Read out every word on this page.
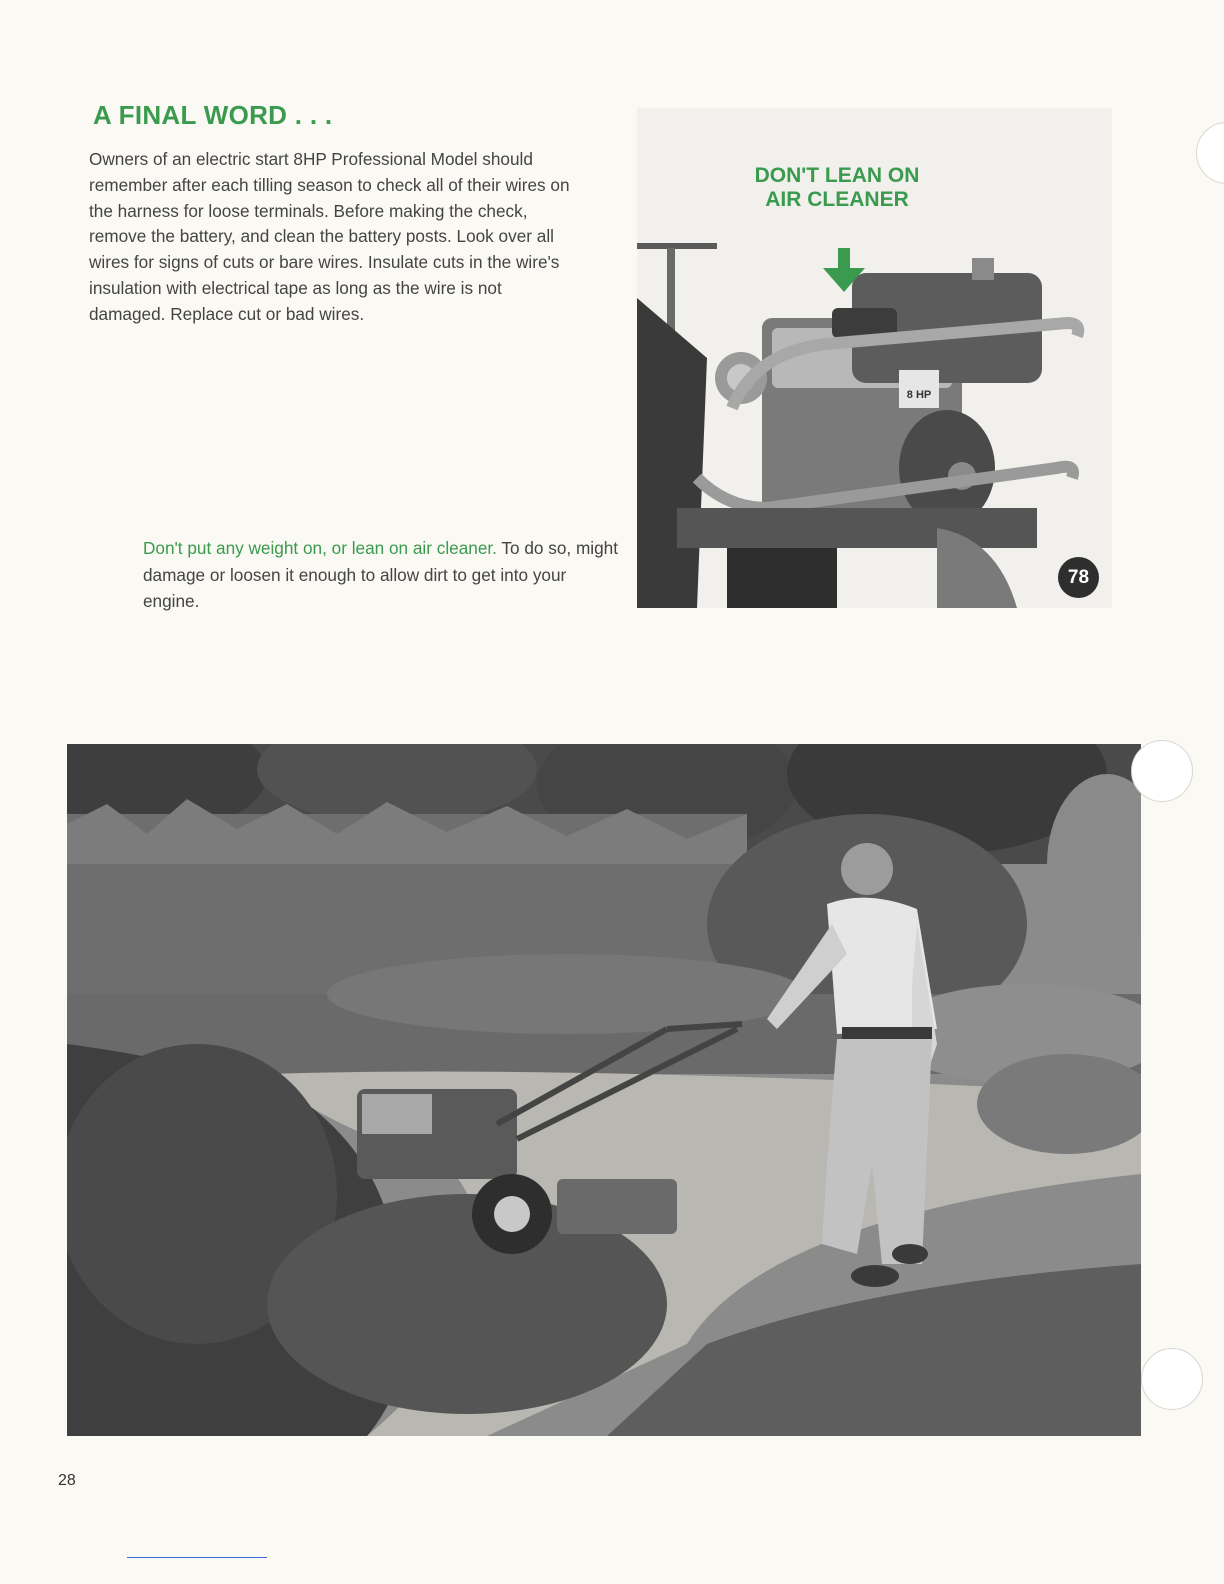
A FINAL WORD . . .

Owners of an electric start 8HP Professional Model should remember after each tilling season to check all of their wires on the harness for loose terminals. Before making the check, remove the battery, and clean the battery posts. Look over all wires for signs of cuts or bare wires. Insulate cuts in the wire's insulation with electrical tape as long as the wire is not damaged. Replace cut or bad wires.

8 HP
DON'T LEAN ON
AIR CLEANER
78

Don't put any weight on, or lean on air cleaner. To do so, might damage or loosen it enough to allow dirt to get into your engine.

28
